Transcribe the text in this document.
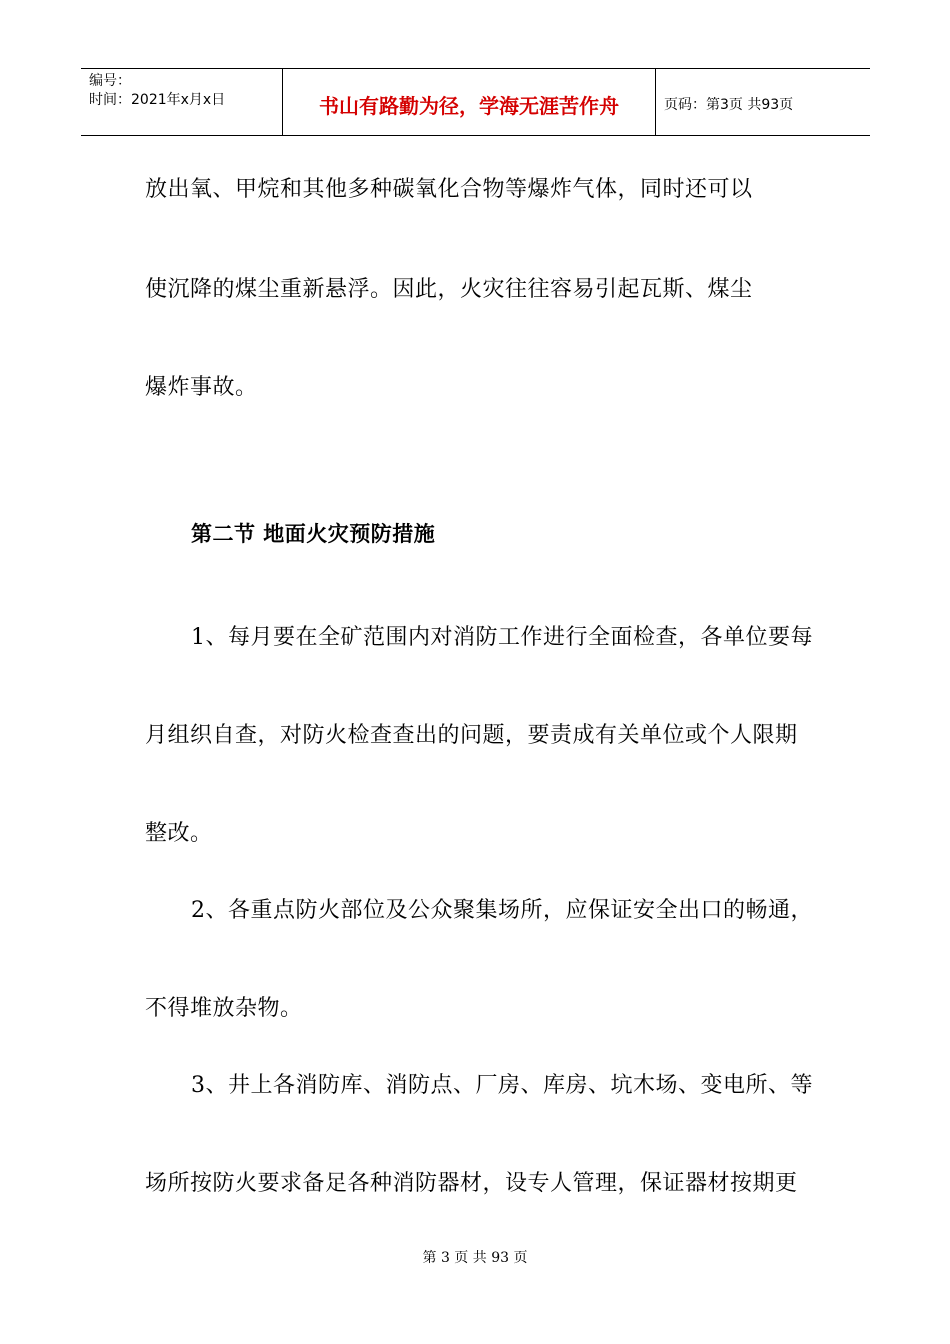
编号：
时间：2021年x月x日	书山有路勤为径，学海无涯苦作舟	页码：第3页 共93页
放出氧、甲烷和其他多种碳氧化合物等爆炸气体，同时还可以
使沉降的煤尘重新悬浮。因此，火灾往往容易引起瓦斯、煤尘
爆炸事故。
第二节 地面火灾预防措施
1、每月要在全矿范围内对消防工作进行全面检查，各单位要每
月组织自查，对防火检查查出的问题，要责成有关单位或个人限期
整改。
2、各重点防火部位及公众聚集场所，应保证安全出口的畅通，
不得堆放杂物。
3、井上各消防库、消防点、厂房、库房、坑木场、变电所、等
场所按防火要求备足各种消防器材，设专人管理，保证器材按期更
第 3 页 共 93 页
